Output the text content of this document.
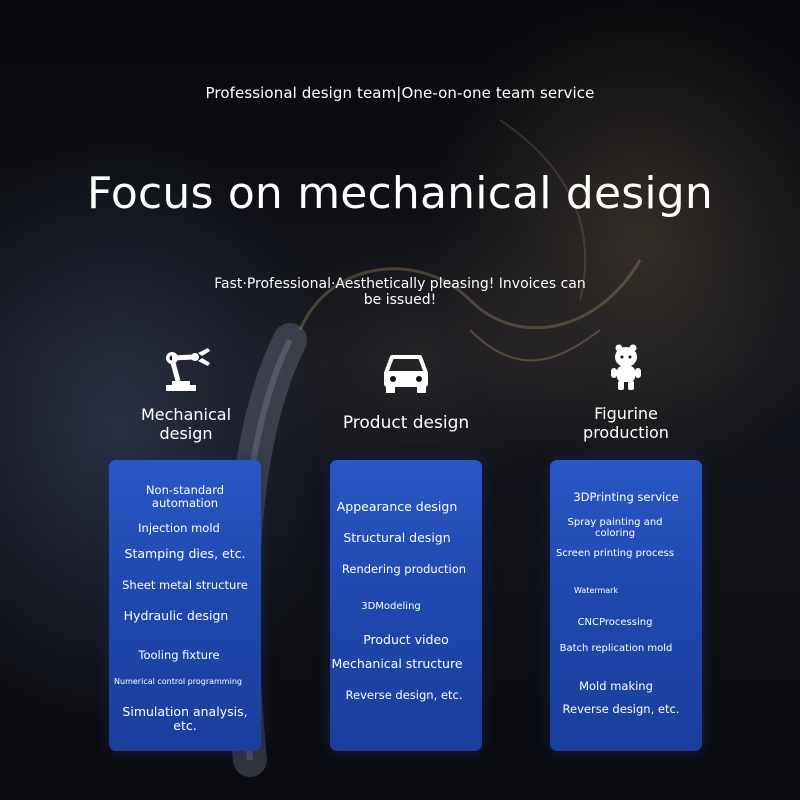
Professional design team|One-on-one team service
Focus on mechanical design
Fast·Professional·Aesthetically pleasing! Invoices can be issued!
Mechanical design
Product design	Figurine production
Non-standard automation
Injection mold
Stamping dies, etc.
Sheet metal structure
Hydraulic design
Tooling fixture
Numerical control programming
Simulation analysis, etc.
Appearance design
Structural design
Rendering production
3DModeling
Product video
Mechanical structure
Reverse design, etc.
3DPrinting service
Spray painting and coloring
Screen printing process
Watermark
CNCProcessing
Batch replication mold
Mold making
Reverse design, etc.
